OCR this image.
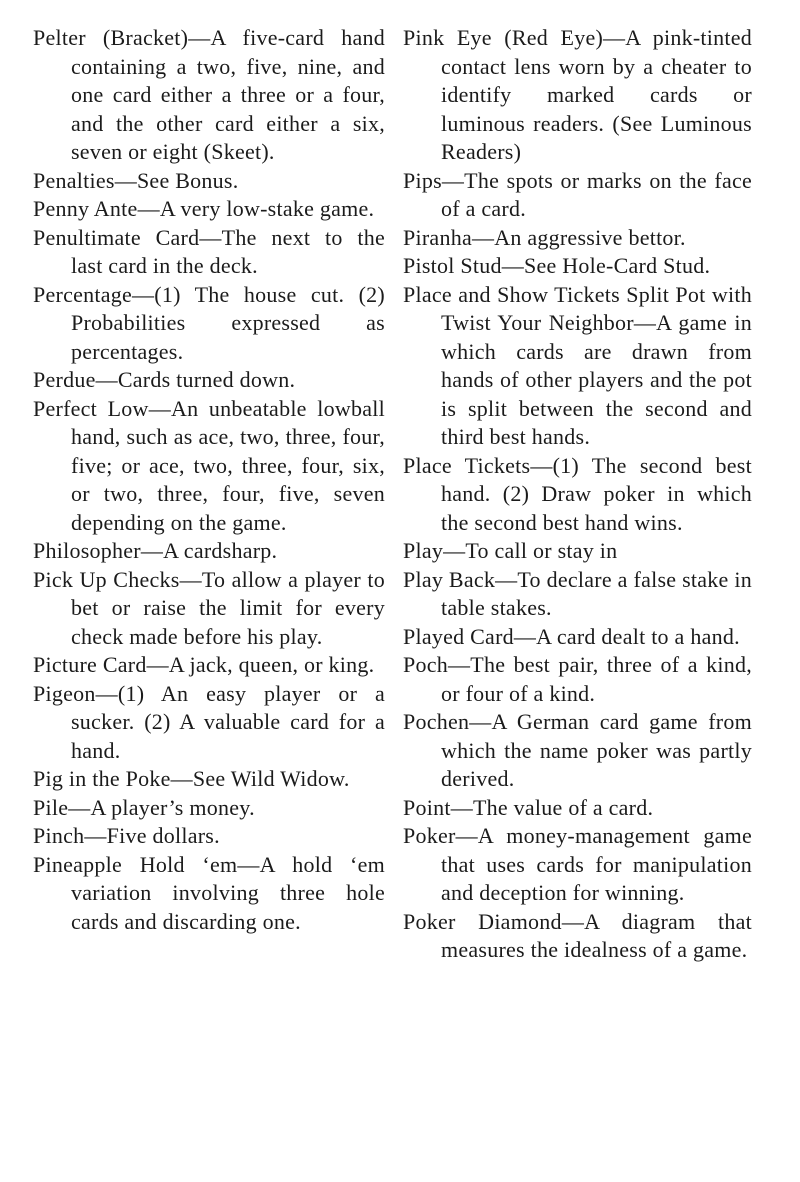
Pelter (Bracket)—A five-card hand containing a two, five, nine, and one card either a three or a four, and the other card either a six, seven or eight (Skeet).

Penalties—See Bonus.

Penny Ante—A very low-stake game.

Penultimate Card—The next to the last card in the deck.

Percentage—(1) The house cut. (2) Probabilities expressed as percentages.

Perdue—Cards turned down.

Perfect Low—An unbeatable lowball hand, such as ace, two, three, four, five; or ace, two, three, four, six, or two, three, four, five, seven depending on the game.

Philosopher—A cardsharp.

Pick Up Checks—To allow a player to bet or raise the limit for every check made before his play.

Picture Card—A jack, queen, or king.

Pigeon—(1) An easy player or a sucker. (2) A valuable card for a hand.

Pig in the Poke—See Wild Widow.

Pile—A player’s money.

Pinch—Five dollars.

Pineapple Hold ‘em—A hold ‘em variation involving three hole cards and discarding one.

Pink Eye (Red Eye)—A pink-tinted contact lens worn by a cheater to identify marked cards or luminous readers. (See Luminous Readers)

Pips—The spots or marks on the face of a card.

Piranha—An aggressive bettor.

Pistol Stud—See Hole-Card Stud.

Place and Show Tickets Split Pot with Twist Your Neighbor—A game in which cards are drawn from hands of other players and the pot is split between the second and third best hands.

Place Tickets—(1) The second best hand. (2) Draw poker in which the second best hand wins.

Play—To call or stay in

Play Back—To declare a false stake in table stakes.

Played Card—A card dealt to a hand.

Poch—The best pair, three of a kind, or four of a kind.

Pochen—A German card game from which the name poker was partly derived.

Point—The value of a card.

Poker—A money-management game that uses cards for manipulation and deception for winning.

Poker Diamond—A diagram that measures the idealness of a game.
